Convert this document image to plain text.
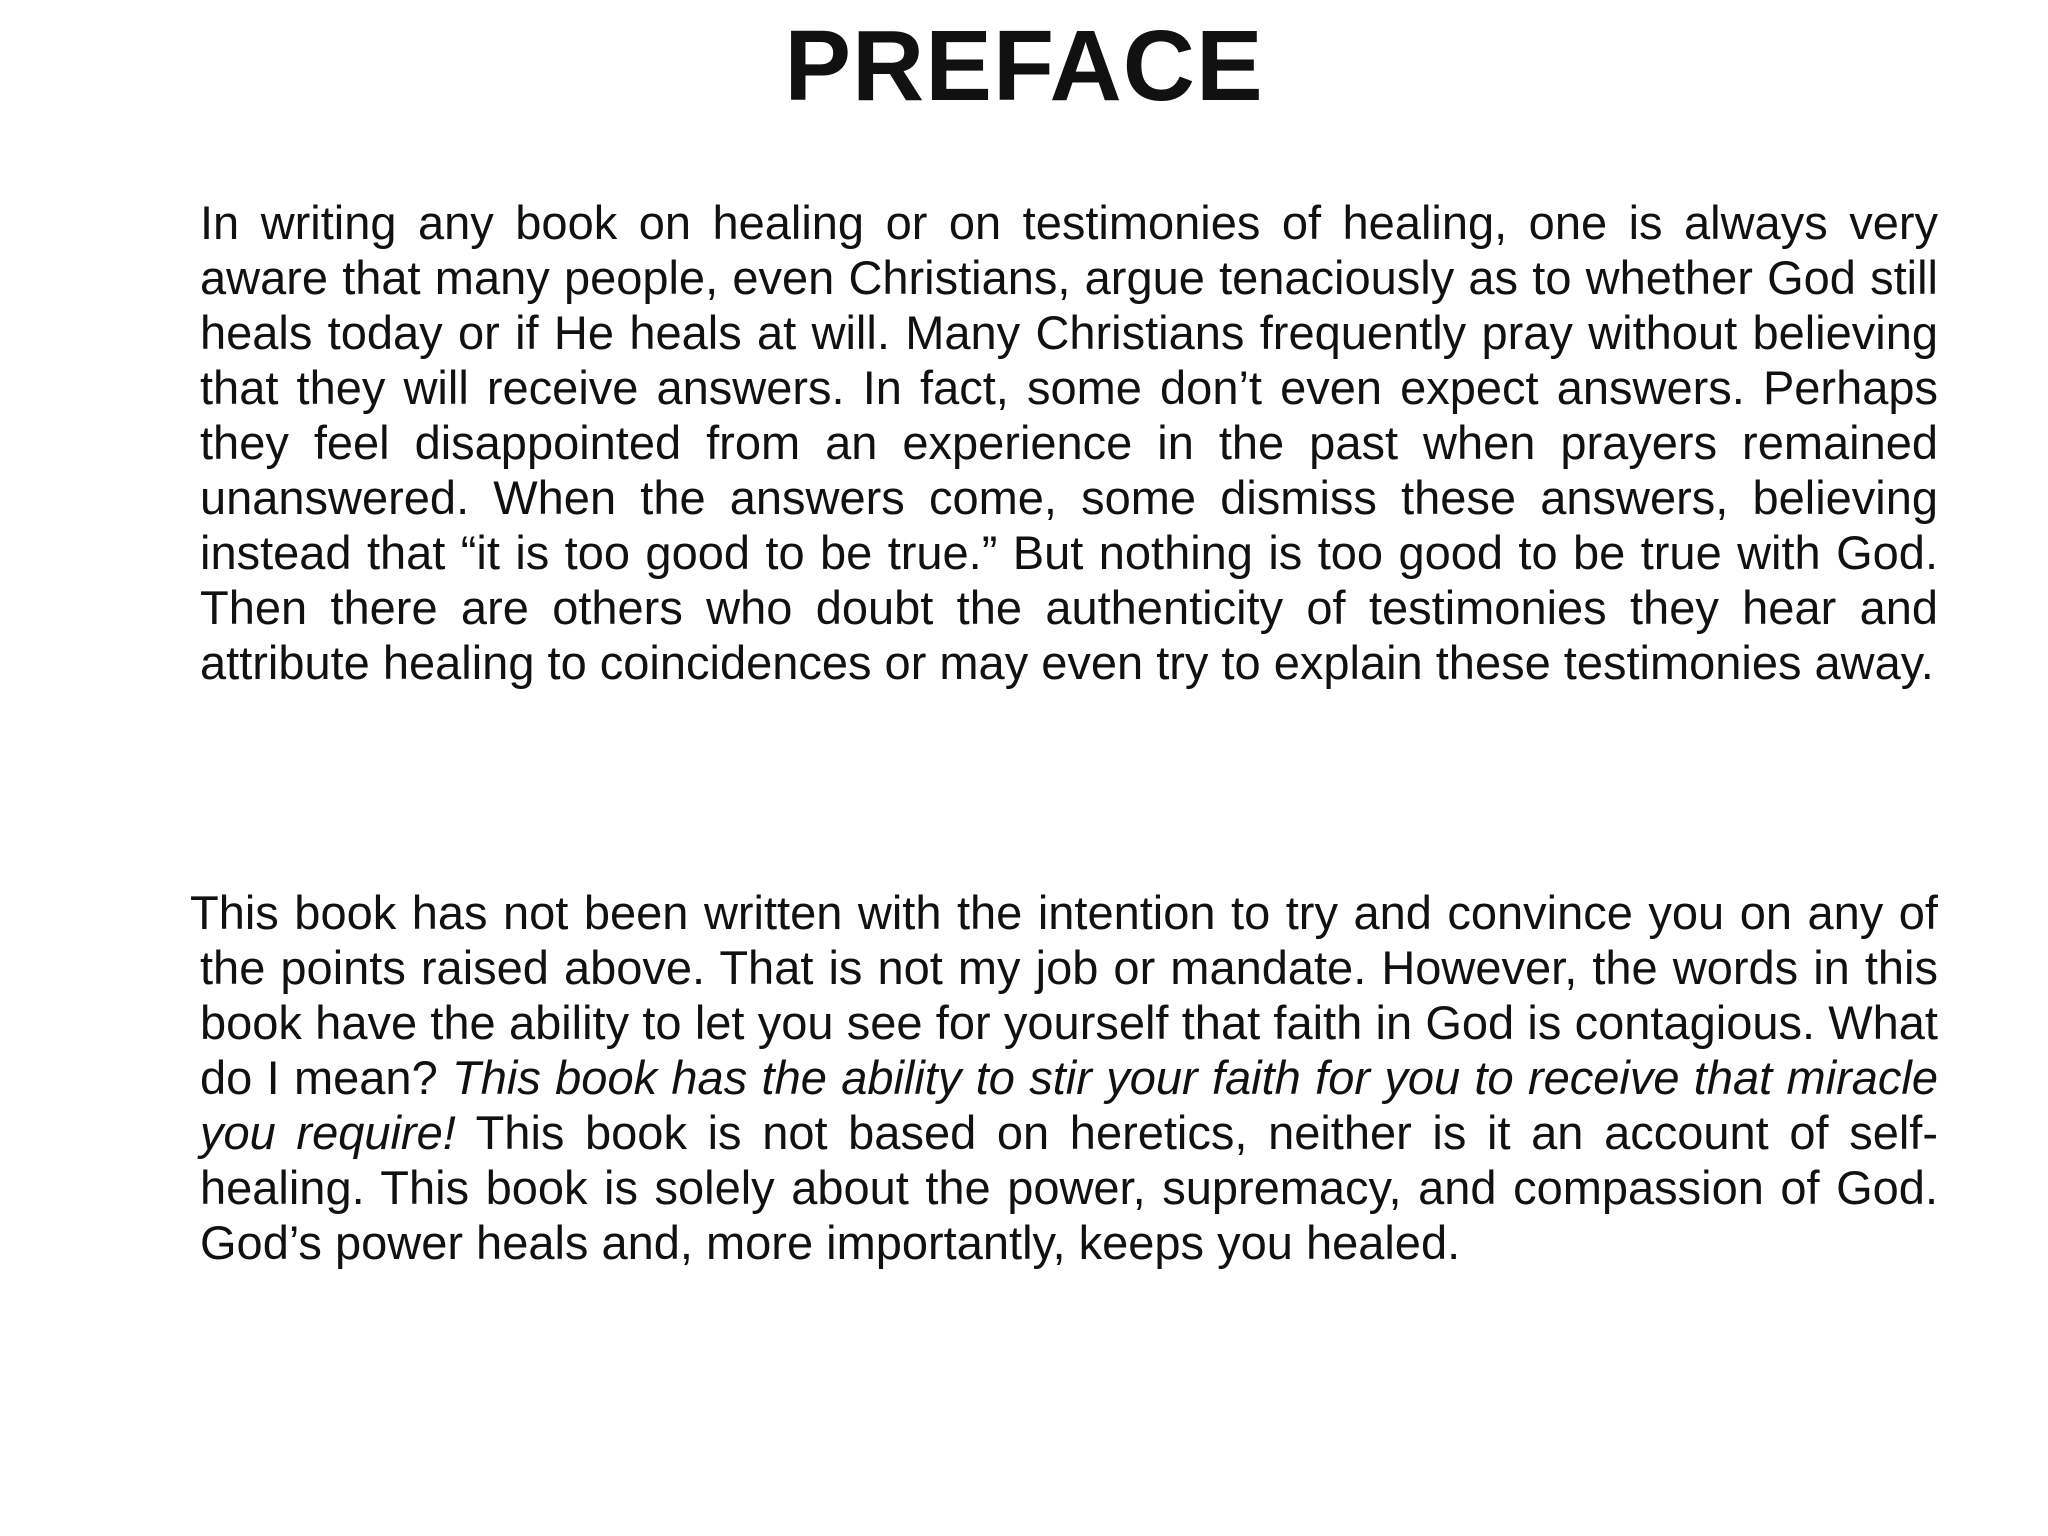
PREFACE

In writing any book on healing or on testimonies of healing, one is always very aware that many people, even Christians, argue tenaciously as to whether God still heals today or if He heals at will. Many Christians frequently pray without believing that they will receive answers. In fact, some don’t even expect answers. Perhaps they feel disappointed from an experience in the past when prayers remained unanswered. When the answers come, some dismiss these answers, believing instead that “it is too good to be true.” But nothing is too good to be true with God. Then there are others who doubt the authenticity of testimonies they hear and attribute healing to coincidences or may even try to explain these testimonies away.

This book has not been written with the intention to try and convince you on any of the points raised above. That is not my job or mandate. However, the words in this book have the ability to let you see for yourself that faith in God is contagious. What do I mean? This book has the ability to stir your faith for you to receive that miracle you require! This book is not based on heretics, neither is it an account of self-healing. This book is solely about the power, supremacy, and compassion of God. God’s power heals and, more importantly, keeps you healed.
